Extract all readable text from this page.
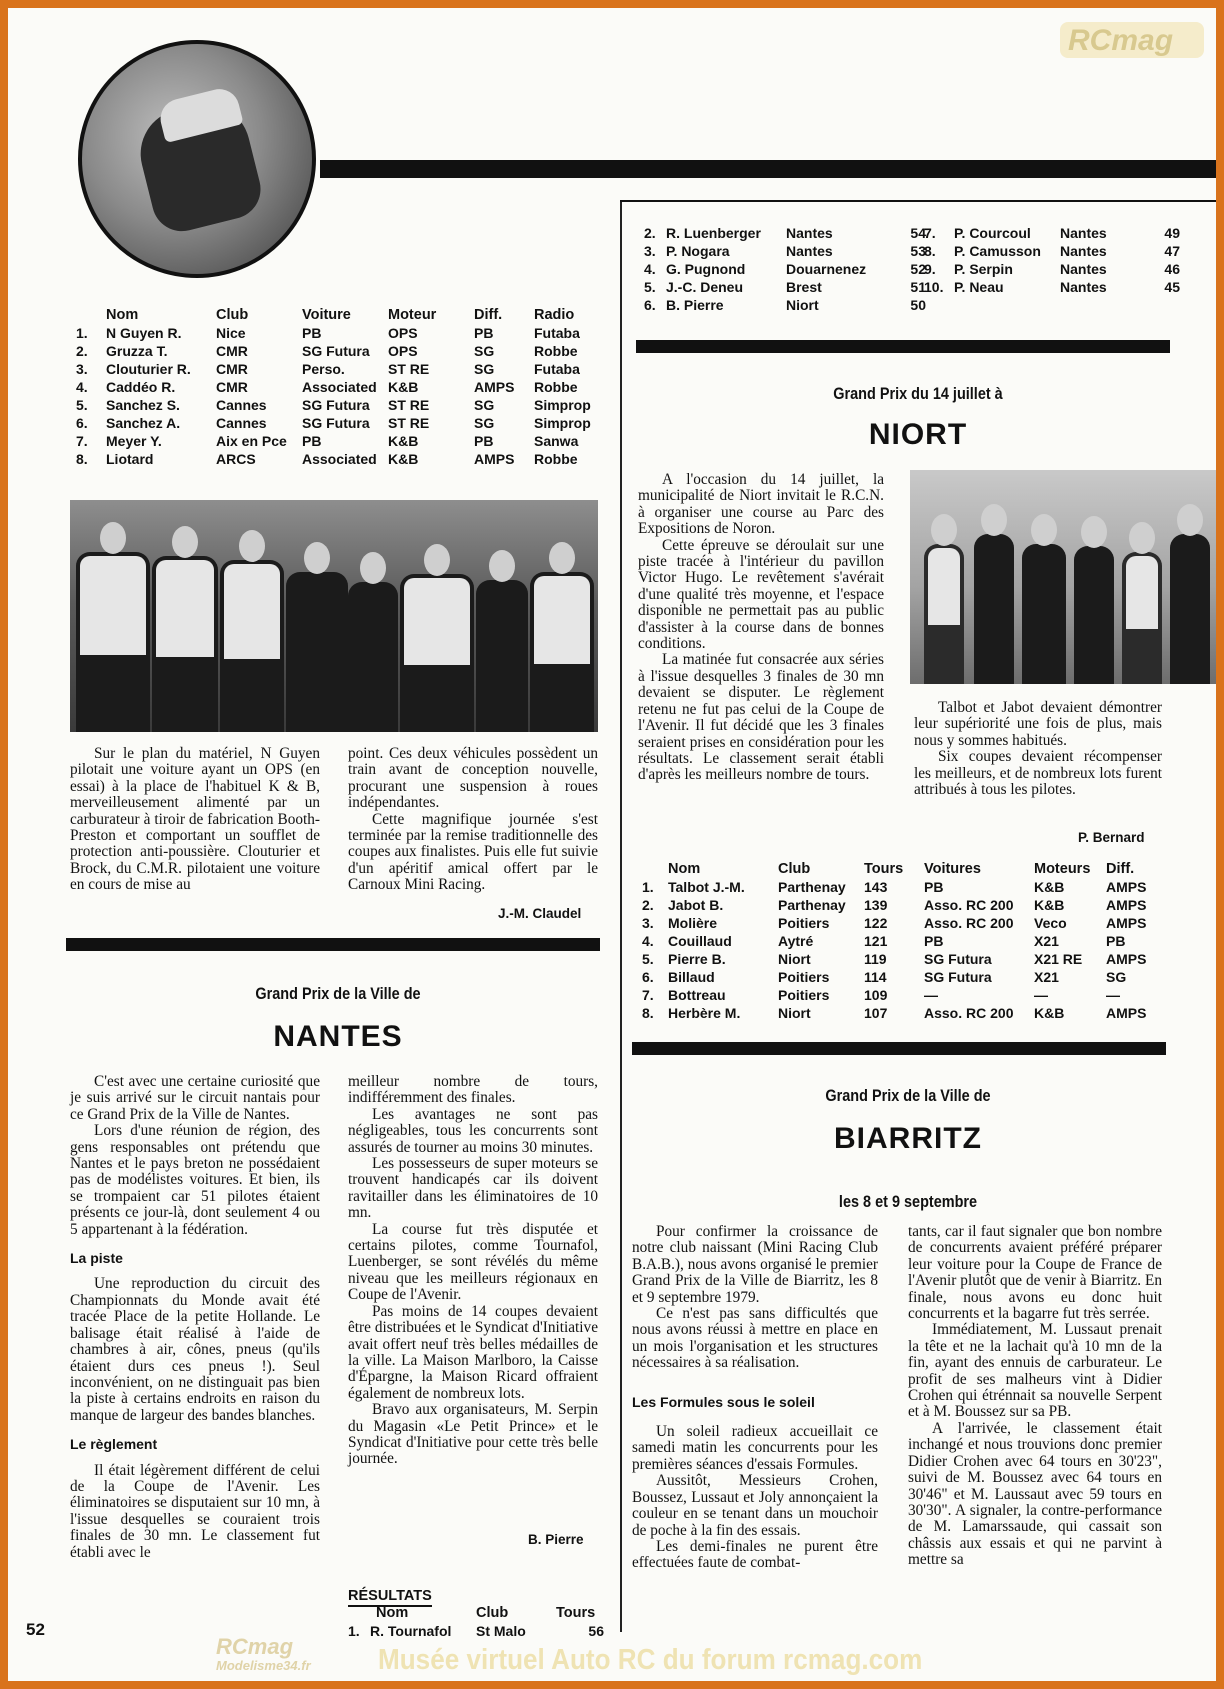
RCmag
	Nom	Club	Voiture	Moteur	Diff.	Radio
1.	N Guyen R.	Nice	PB	OPS	PB	Futaba
2.	Gruzza T.	CMR	SG Futura	OPS	SG	Robbe
3.	Clouturier R.	CMR	Perso.	ST RE	SG	Futaba
4.	Caddéo R.	CMR	Associated	K&B	AMPS	Robbe
5.	Sanchez S.	Cannes	SG Futura	ST RE	SG	Simprop
6.	Sanchez A.	Cannes	SG Futura	ST RE	SG	Simprop
7.	Meyer Y.	Aix en Pce	PB	K&B	PB	Sanwa
8.	Liotard	ARCS	Associated	K&B	AMPS	Robbe

Sur le plan du matériel, N Guyen pilotait une voiture ayant un OPS (en essai) à la place de l'habituel K & B, merveilleusement alimenté par un carburateur à tiroir de fabrication Booth-Preston et comportant un soufflet de protection anti-poussière. Clouturier et Brock, du C.M.R. pilotaient une voiture en cours de mise au

point. Ces deux véhicules possèdent un train avant de conception nouvelle, procurant une suspension à roues indépendantes.

Cette magnifique journée s'est terminée par la remise traditionnelle des coupes aux finalistes. Puis elle fut suivie d'un apéritif amical offert par le Carnoux Mini Racing.

J.-M. Claudel
Grand Prix de la Ville de
NANTES

C'est avec une certaine curiosité que je suis arrivé sur le circuit nantais pour ce Grand Prix de la Ville de Nantes.

Lors d'une réunion de région, des gens responsables ont prétendu que Nantes et le pays breton ne possédaient pas de modélistes voitures. Et bien, ils se trompaient car 51 pilotes étaient présents ce jour-là, dont seulement 4 ou 5 appartenant à la fédération.

La piste

Une reproduction du circuit des Championnats du Monde avait été tracée Place de la petite Hollande. Le balisage était réalisé à l'aide de chambres à air, cônes, pneus (qu'ils étaient durs ces pneus !). Seul inconvénient, on ne distinguait pas bien la piste à certains endroits en raison du manque de largeur des bandes blanches.

Le règlement

Il était légèrement différent de celui de la Coupe de l'Avenir. Les éliminatoires se disputaient sur 10 mn, à l'issue desquelles se couraient trois finales de 30 mn. Le classement fut établi avec le

meilleur nombre de tours, indifféremment des finales.

Les avantages ne sont pas négligeables, tous les concurrents sont assurés de tourner au moins 30 minutes.

Les possesseurs de super moteurs se trouvent handicapés car ils doivent ravitailler dans les éliminatoires de 10 mn.

La course fut très disputée et certains pilotes, comme Tournafol, Luenberger, se sont révélés du même niveau que les meilleurs régionaux en Coupe de l'Avenir.

Pas moins de 14 coupes devaient être distribuées et le Syndicat d'Initiative avait offert neuf très belles médailles de la ville. La Maison Marlboro, la Caisse d'Épargne, la Maison Ricard offraient également de nombreux lots.

Bravo aux organisateurs, M. Serpin du Magasin «Le Petit Prince» et le Syndicat d'Initiative pour cette très belle journée.

B. Pierre
RÉSULTATS
	Nom	Club	Tours
1.	R. Tournafol	St Malo	56
2.	R. Luenberger	Nantes	54
3.	P. Nogara	Nantes	53
4.	G. Pugnond	Douarnenez	52
5.	J.-C. Deneu	Brest	51
6.	B. Pierre	Niort	50
7.	P. Courcoul	Nantes	49
8.	P. Camusson	Nantes	47
9.	P. Serpin	Nantes	46
10.	P. Neau	Nantes	45
Grand Prix du 14 juillet à
NIORT

A l'occasion du 14 juillet, la municipalité de Niort invitait le R.C.N. à organiser une course au Parc des Expositions de Noron.

Cette épreuve se déroulait sur une piste tracée à l'intérieur du pavillon Victor Hugo. Le revêtement s'avérait d'une qualité très moyenne, et l'espace disponible ne permettait pas au public d'assister à la course dans de bonnes conditions.

La matinée fut consacrée aux séries à l'issue desquelles 3 finales de 30 mn devaient se disputer. Le règlement retenu ne fut pas celui de la Coupe de l'Avenir. Il fut décidé que les 3 finales seraient prises en considération pour les résultats. Le classement serait établi d'après les meilleurs nombre de tours.

Talbot et Jabot devaient démontrer leur supériorité une fois de plus, mais nous y sommes habitués.

Six coupes devaient récompenser les meilleurs, et de nombreux lots furent attribués à tous les pilotes.

P. Bernard
	Nom	Club	Tours	Voitures	Moteurs	Diff.
1.	Talbot J.-M.	Parthenay	143	PB	K&B	AMPS
2.	Jabot B.	Parthenay	139	Asso. RC 200	K&B	AMPS
3.	Molière	Poitiers	122	Asso. RC 200	Veco	AMPS
4.	Couillaud	Aytré	121	PB	X21	PB
5.	Pierre B.	Niort	119	SG Futura	X21 RE	AMPS
6.	Billaud	Poitiers	114	SG Futura	X21	SG
7.	Bottreau	Poitiers	109	—	—	—
8.	Herbère M.	Niort	107	Asso. RC 200	K&B	AMPS
Grand Prix de la Ville de
BIARRITZ
les 8 et 9 septembre

Pour confirmer la croissance de notre club naissant (Mini Racing Club B.A.B.), nous avons organisé le premier Grand Prix de la Ville de Biarritz, les 8 et 9 septembre 1979.

Ce n'est pas sans difficultés que nous avons réussi à mettre en place en un mois l'organisation et les structures nécessaires à sa réalisation.

Les Formules sous le soleil

Un soleil radieux accueillait ce samedi matin les concurrents pour les premières séances d'essais Formules.

Aussitôt, Messieurs Crohen, Boussez, Lussaut et Joly annonçaient la couleur en se tenant dans un mouchoir de poche à la fin des essais.

Les demi-finales ne purent être effectuées faute de combat-

tants, car il faut signaler que bon nombre de concurrents avaient préféré préparer leur voiture pour la Coupe de France de l'Avenir plutôt que de venir à Biarritz. En finale, nous avons eu donc huit concurrents et la bagarre fut très serrée.

Immédiatement, M. Lussaut prenait la tête et ne la lachait qu'à 10 mn de la fin, ayant des ennuis de carburateur. Le profit de ses malheurs vint à Didier Crohen qui étrénnait sa nouvelle Serpent et à M. Boussez sur sa PB.

A l'arrivée, le classement était inchangé et nous trouvions donc premier Didier Crohen avec 64 tours en 30'23", suivi de M. Boussez avec 64 tours en 30'46" et M. Laussaut avec 59 tours en 30'30". A signaler, la contre-performance de M. Lamarssaude, qui cassait son châssis aux essais et qui ne parvint à mettre sa

52
RCmag
Modelisme34.fr	Musée virtuel Auto RC du forum rcmag.com
